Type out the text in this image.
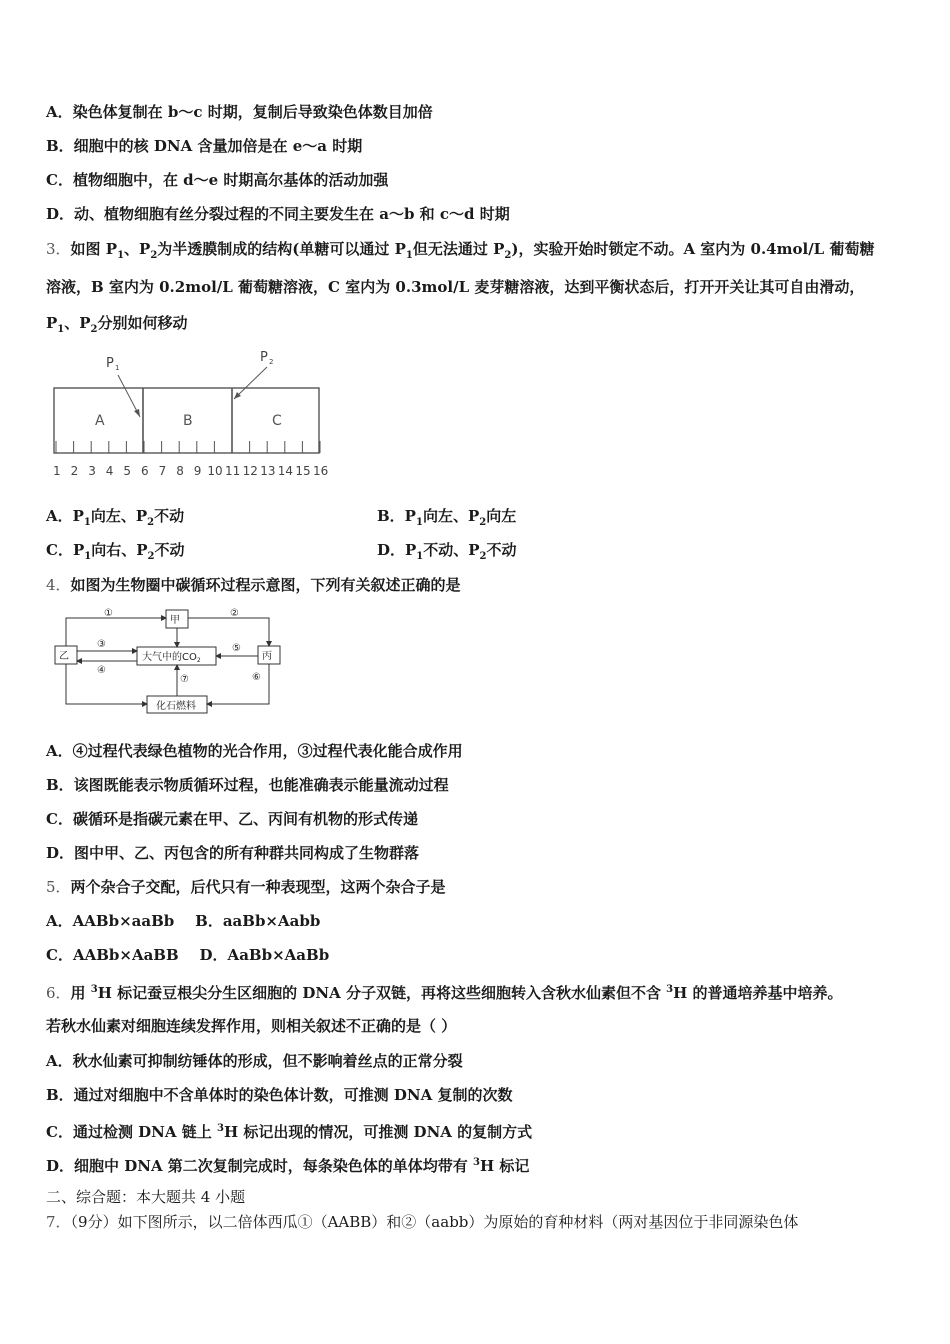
A．染色体复制在 b～c 时期，复制后导致染色体数目加倍
B．细胞中的核 DNA 含量加倍是在 e～a 时期
C．植物细胞中，在 d～e 时期高尔基体的活动加强
D．动、植物细胞有丝分裂过程的不同主要发生在 a～b 和 c～d 时期
3．如图 $P_1$、$P_2$为半透膜制成的结构(单糖可以通过 $P_1$但无法通过 $P_2$)，实验开始时锁定不动。A 室内为 0.4mol/L 葡萄糖
溶液，B 室内为 0.2mol/L 葡萄糖溶液，C 室内为 0.3mol/L 麦芽糖溶液，达到平衡状态后，打开开关让其可自由滑动，
$P_1$、$P_2$分别如何移动
P 1
P 2
A	B	C
1 2 3 4 5 6 7 8 9 10 11 12 13 14 15 16
A．$P_1$向左、$P_2$不动	B．$P_1$向左、$P_2$向左
C．$P_1$向右、$P_2$不动	D．$P_1$不动、$P_2$不动
4．如图为生物圈中碳循环过程示意图，下列有关叙述正确的是
甲
乙	丙
大气中的$CO_2$
化石燃料
①	②
③
④
⑤
⑥
⑦
A．④过程代表绿色植物的光合作用，③过程代表化能合成作用
B．该图既能表示物质循环过程，也能准确表示能量流动过程
C．碳循环是指碳元素在甲、乙、丙间有机物的形式传递
D．图中甲、乙、丙包含的所有种群共同构成了生物群落
5．两个杂合子交配，后代只有一种表现型，这两个杂合子是
A．AABb×aaBb    B．aaBb×Aabb
C．AABb×AaBB    D．AaBb×AaBb
6．用 $^3$H 标记蚕豆根尖分生区细胞的 DNA 分子双链，再将这些细胞转入含秋水仙素但不含 $^3$H 的普通培养基中培养。
若秋水仙素对细胞连续发挥作用，则相关叙述不正确的是（ ）
A．秋水仙素可抑制纺锤体的形成，但不影响着丝点的正常分裂
B．通过对细胞中不含单体时的染色体计数，可推测 DNA 复制的次数
C．通过检测 DNA 链上 $^3$H 标记出现的情况，可推测 DNA 的复制方式
D．细胞中 DNA 第二次复制完成时，每条染色体的单体均带有 $^3$H 标记
二、综合题：本大题共 4 小题
7．（9分）如下图所示，以二倍体西瓜①（AABB）和②（aabb）为原始的育种材料（两对基因位于非同源染色体
